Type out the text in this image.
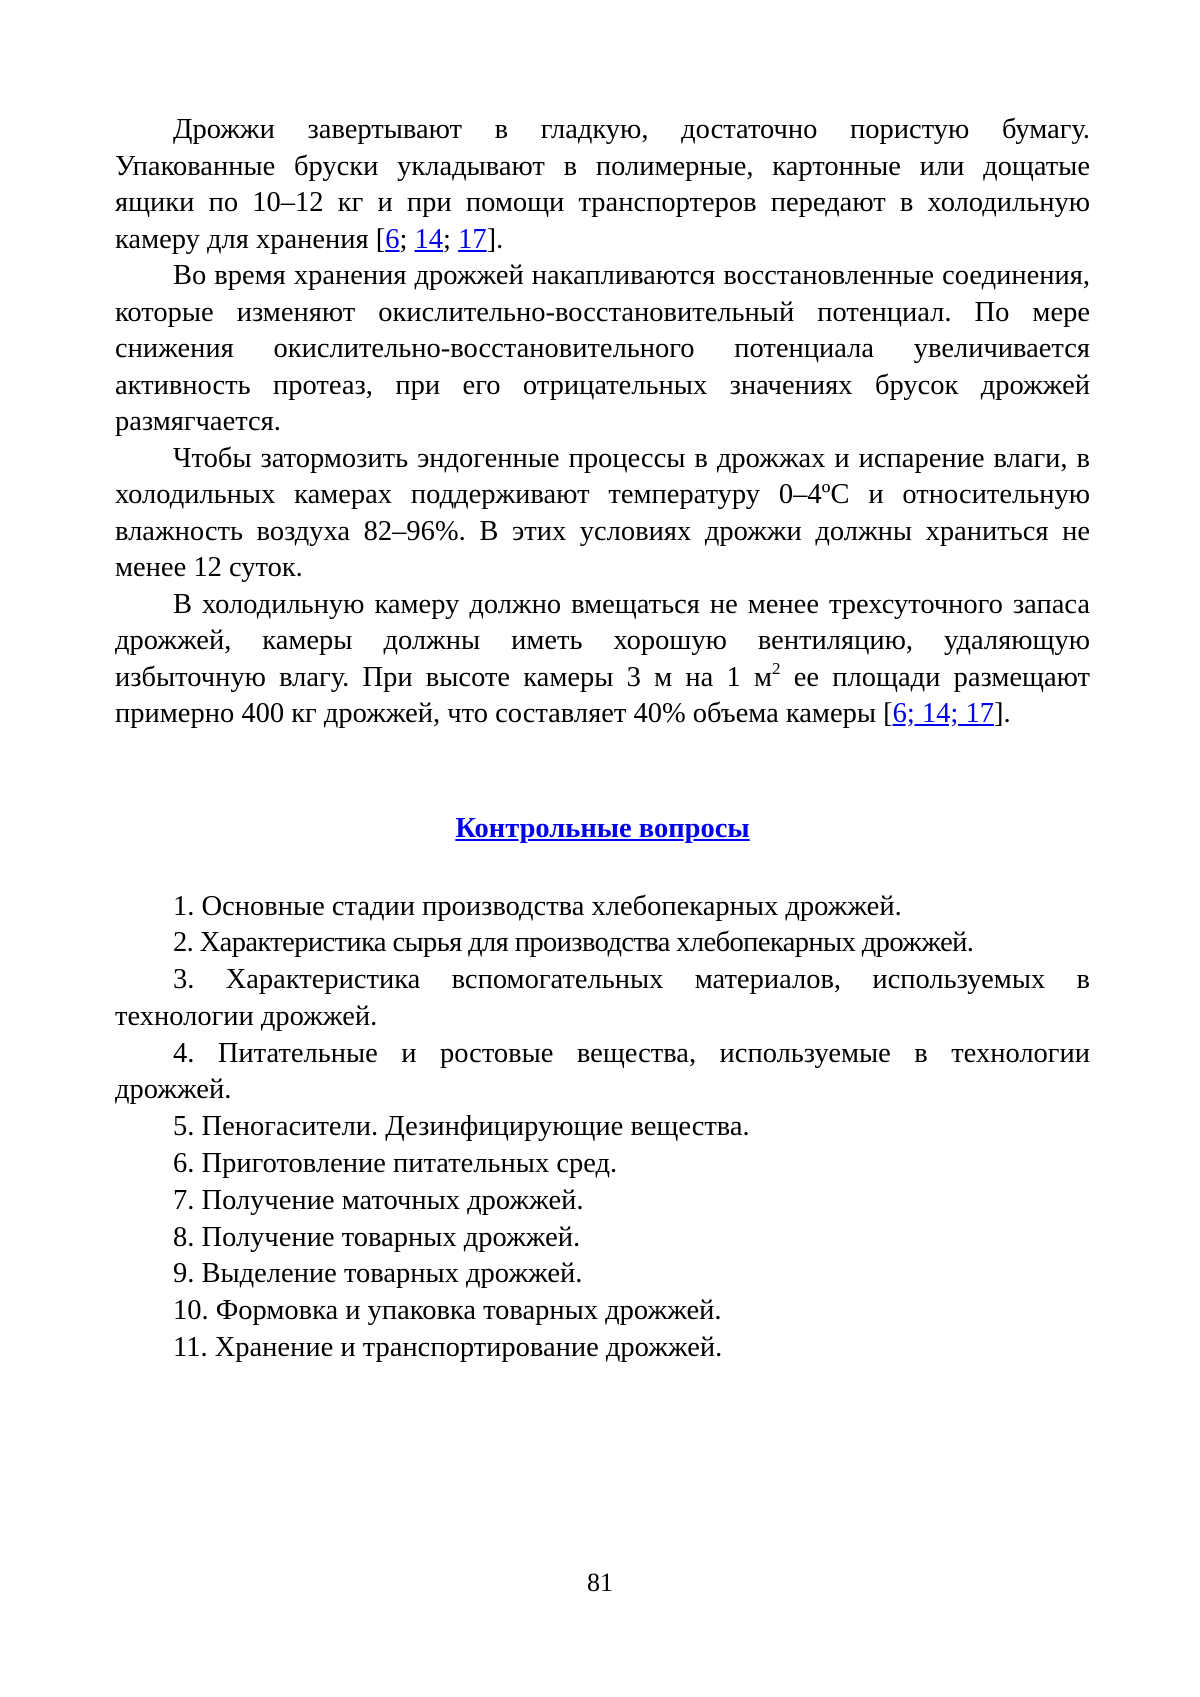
Дрожжи завертывают в гладкую, достаточно пористую бумагу. Упакованные бруски укладывают в полимерные, картонные или дощатые ящики по 10–12 кг и при помощи транспортеров передают в холодильную камеру для хранения [6; 14; 17].

Во время хранения дрожжей накапливаются восстановленные соединения, которые изменяют окислительно-восстановительный потенциал. По мере снижения окислительно-восстановительного потенциала увеличивается активность протеаз, при его отрицательных значениях брусок дрожжей размягчается.

Чтобы затормозить эндогенные процессы в дрожжах и испарение влаги, в холодильных камерах поддерживают температуру 0–4ºC и относительную влажность воздуха 82–96%. В этих условиях дрожжи должны храниться не менее 12 суток.

В холодильную камеру должно вмещаться не менее трехсуточного запаса дрожжей, камеры должны иметь хорошую вентиляцию, удаляющую избыточную влагу. При высоте камеры 3 м на 1 $м^2$ ее площади размещают примерно 400 кг дрожжей, что составляет 40% объема камеры [6; 14; 17].

Контрольные вопросы

1. Основные стадии производства хлебопекарных дрожжей.

2. Характеристика сырья для производства хлебопекарных дрожжей.

3. Характеристика вспомогательных материалов, используемых в технологии дрожжей.

4. Питательные и ростовые вещества, используемые в технологии дрожжей.

5. Пеногасители. Дезинфицирующие вещества.

6. Приготовление питательных сред.

7. Получение маточных дрожжей.

8. Получение товарных дрожжей.

9. Выделение товарных дрожжей.

10. Формовка и упаковка товарных дрожжей.

11. Хранение и транспортирование дрожжей.

81
